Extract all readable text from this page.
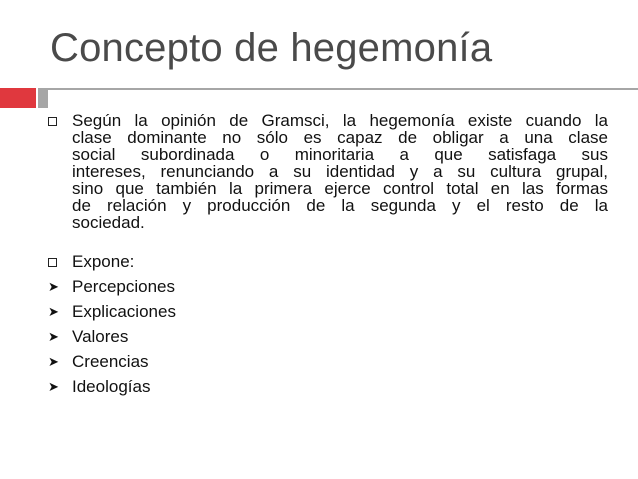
Concepto de hegemonía
Según la opinión de Gramsci, la hegemonía existe cuando la
clase dominante no sólo es capaz de obligar a una clase
social subordinada o minoritaria a que satisfaga sus
intereses, renunciando a su identidad y a su cultura grupal,
sino que también la primera ejerce control total en las formas
de relación y producción de la segunda y el resto de la
sociedad.
Expone:
➤ Percepciones
➤ Explicaciones
➤ Valores
➤ Creencias
➤ Ideologías
